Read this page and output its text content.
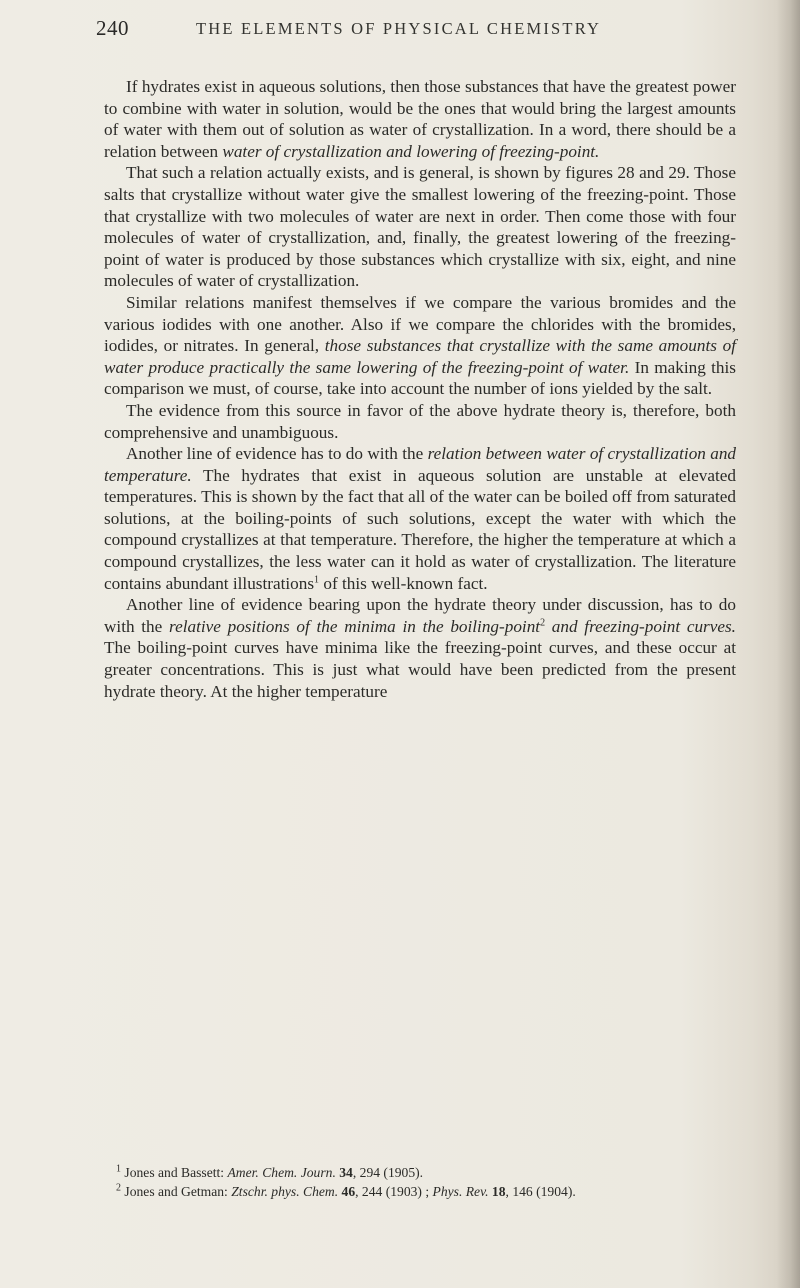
240	THE ELEMENTS OF PHYSICAL CHEMISTRY

If hydrates exist in aqueous solutions, then those substances that have the greatest power to combine with water in solution, would be the ones that would bring the largest amounts of water with them out of solution as water of crystallization. In a word, there should be a relation between water of crystallization and lowering of freezing-point.

That such a relation actually exists, and is general, is shown by figures 28 and 29. Those salts that crystallize without water give the smallest lowering of the freezing-point. Those that crystallize with two molecules of water are next in order. Then come those with four molecules of water of crystallization, and, finally, the greatest lowering of the freezing-point of water is produced by those substances which crystallize with six, eight, and nine molecules of water of crystallization.

Similar relations manifest themselves if we compare the various bromides and the various iodides with one another. Also if we compare the chlorides with the bromides, iodides, or nitrates. In general, those substances that crystallize with the same amounts of water produce practically the same lowering of the freezing-point of water. In making this comparison we must, of course, take into account the number of ions yielded by the salt.

The evidence from this source in favor of the above hydrate theory is, therefore, both comprehensive and unambiguous.

Another line of evidence has to do with the relation between water of crystallization and temperature. The hydrates that exist in aqueous solution are unstable at elevated temperatures. This is shown by the fact that all of the water can be boiled off from saturated solutions, at the boiling-points of such solutions, except the water with which the compound crystallizes at that temperature. Therefore, the higher the temperature at which a compound crystallizes, the less water can it hold as water of crystallization. The literature contains abundant illustrations$^1$ of this well-known fact.

Another line of evidence bearing upon the hydrate theory under discussion, has to do with the relative positions of the minima in the boiling-point$^2$ and freezing-point curves. The boiling-point curves have minima like the freezing-point curves, and these occur at greater concentrations. This is just what would have been predicted from the present hydrate theory. At the higher temperature

$^1$ Jones and Bassett: Amer. Chem. Journ. 34, 294 (1905).

$^2$ Jones and Getman: Ztschr. phys. Chem. 46, 244 (1903) ; Phys. Rev. 18, 146 (1904).
